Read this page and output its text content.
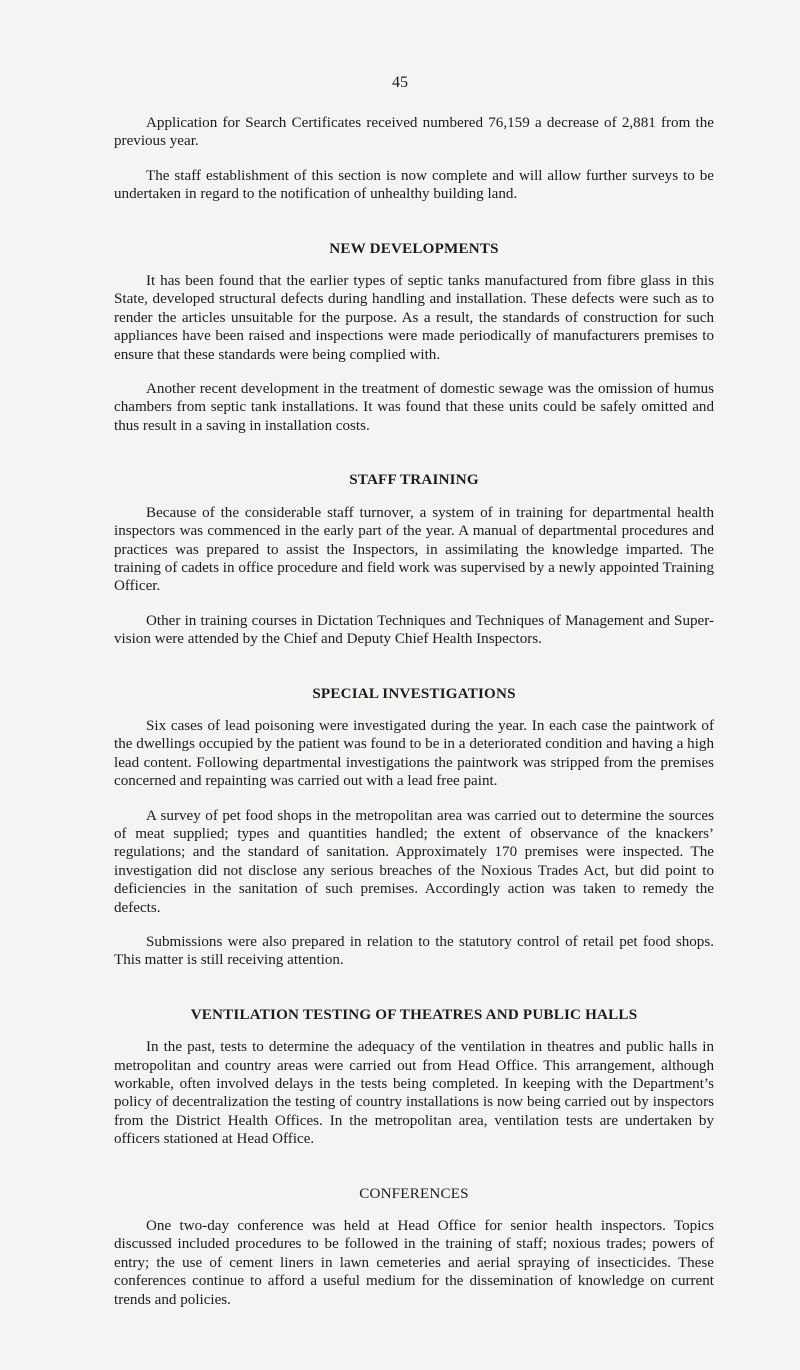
45

Application for Search Certificates received numbered 76,159 a decrease of 2,881 from the previous year.

The staff establishment of this section is now complete and will allow further surveys to be undertaken in regard to the notification of unhealthy building land.

NEW DEVELOPMENTS

It has been found that the earlier types of septic tanks manufactured from fibre glass in this State, developed structural defects during handling and installation. These defects were such as to render the articles unsuitable for the purpose. As a result, the standards of construction for such appliances have been raised and inspections were made periodically of manufacturers premises to ensure that these standards were being complied with.

Another recent development in the treatment of domestic sewage was the omission of humus chambers from septic tank installations. It was found that these units could be safely omitted and thus result in a saving in installation costs.

STAFF TRAINING

Because of the considerable staff turnover, a system of in training for departmental health inspectors was commenced in the early part of the year. A manual of departmental procedures and practices was prepared to assist the Inspectors, in assimilating the knowledge imparted. The training of cadets in office procedure and field work was supervised by a newly appointed Training Officer.

Other in training courses in Dictation Techniques and Techniques of Management and Super-vision were attended by the Chief and Deputy Chief Health Inspectors.

SPECIAL INVESTIGATIONS

Six cases of lead poisoning were investigated during the year. In each case the paintwork of the dwellings occupied by the patient was found to be in a deteriorated condition and having a high lead content. Following departmental investigations the paintwork was stripped from the premises concerned and repainting was carried out with a lead free paint.

A survey of pet food shops in the metropolitan area was carried out to determine the sources of meat supplied; types and quantities handled; the extent of observance of the knackers’ regulations; and the standard of sanitation. Approximately 170 premises were inspected. The investigation did not disclose any serious breaches of the Noxious Trades Act, but did point to deficiencies in the sanitation of such premises. Accordingly action was taken to remedy the defects.

Submissions were also prepared in relation to the statutory control of retail pet food shops. This matter is still receiving attention.

VENTILATION TESTING OF THEATRES AND PUBLIC HALLS

In the past, tests to determine the adequacy of the ventilation in theatres and public halls in metropolitan and country areas were carried out from Head Office. This arrangement, although workable, often involved delays in the tests being completed. In keeping with the Department’s policy of decentralization the testing of country installations is now being carried out by inspectors from the District Health Offices. In the metropolitan area, ventilation tests are undertaken by officers stationed at Head Office.

CONFERENCES

One two-day conference was held at Head Office for senior health inspectors. Topics discussed included procedures to be followed in the training of staff; noxious trades; powers of entry; the use of cement liners in lawn cemeteries and aerial spraying of insecticides. These conferences continue to afford a useful medium for the dissemination of knowledge on current trends and policies.
